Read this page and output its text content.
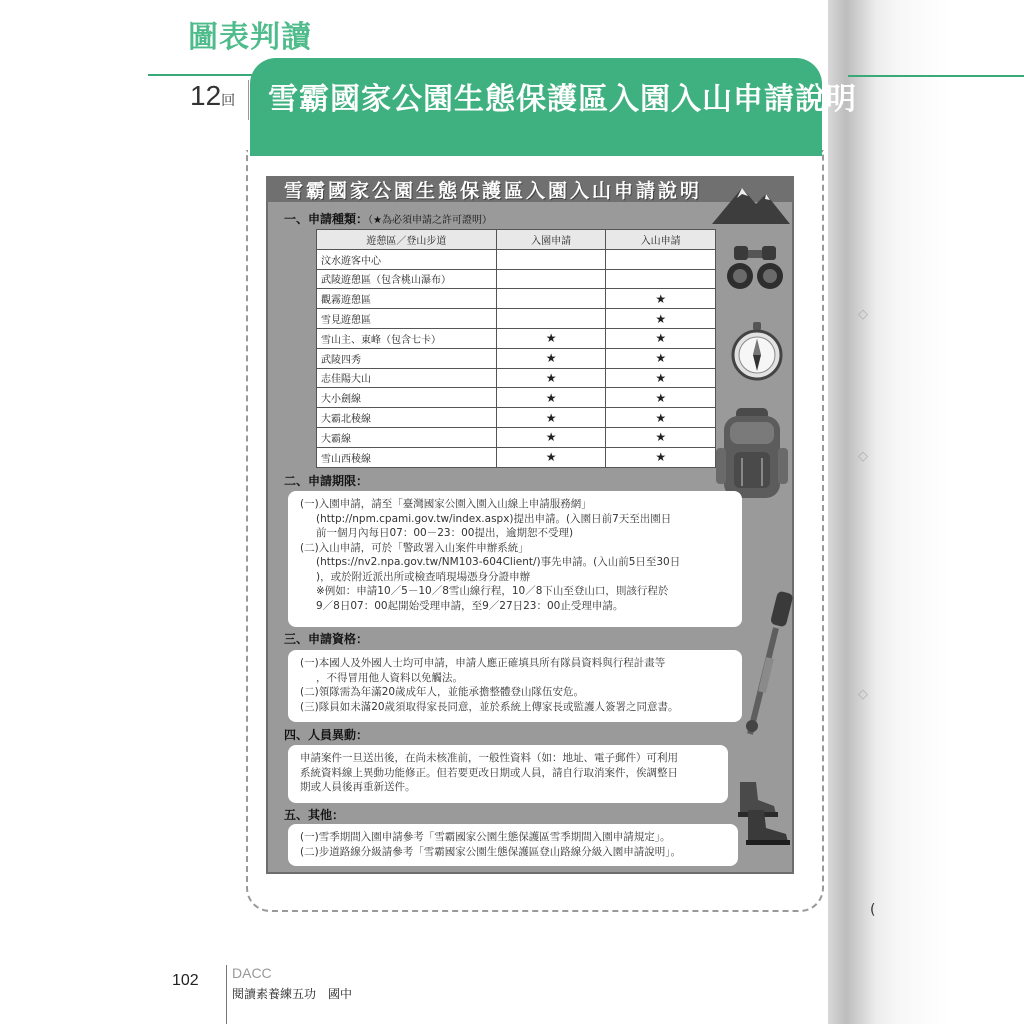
◇
◇
◇
(
圖表判讀
12回 雪霸國家公園生態保護區入園入山申請說明
雪霸國家公園生態保護區入園入山申請說明
一、申請種類：（★為必須申請之許可證明）
遊憩區／登山步道	入園申請	入山申請
汶水遊客中心		
武陵遊憩區（包含桃山瀑布）		
觀霧遊憩區		★
雪見遊憩區		★
雪山主、東峰（包含七卡）	★	★
武陵四秀	★	★
志佳陽大山	★	★
大小劍線	★	★
大霸北稜線	★	★
大霸線	★	★
雪山西稜線	★	★
二、申請期限：

(一)入園申請，請至「臺灣國家公園入園入山線上申請服務網」

(http://npm.cpami.gov.tw/index.aspx)提出申請。(入園日前7天至出園日

前一個月內每日07：00－23：00提出，逾期恕不受理)

(二)入山申請，可於「警政署入山案件申辦系統」

(https://nv2.npa.gov.tw/NM103-604Client/)事先申請。(入山前5日至30日

)，或於附近派出所或檢查哨現場憑身分證申辦

※例如：申請10／5－10／8雪山線行程，10／8下山至登山口，則該行程於

9／8日07：00起開始受理申請，至9／27日23：00止受理申請。

三、申請資格：

(一)本國人及外國人士均可申請，申請人應正確填具所有隊員資料與行程計畫等

，不得冒用他人資料以免觸法。

(二)領隊需為年滿20歲成年人，並能承擔整體登山隊伍安危。

(三)隊員如未滿20歲須取得家長同意，並於系統上傳家長或監護人簽署之同意書。

四、人員異動：

申請案件一旦送出後，在尚未核准前，一般性資料（如：地址、電子郵件）可利用

系統資料線上異動功能修正。但若要更改日期或人員，請自行取消案件，俟調整日

期或人員後再重新送件。

五、其他：

(一)雪季期間入園申請參考「雪霸國家公園生態保護區雪季期間入園申請規定」。

(二)步道路線分級請參考「雪霸國家公園生態保護區登山路線分級入園申請說明」。

102 DACC
閱讀素養練五功　國中
